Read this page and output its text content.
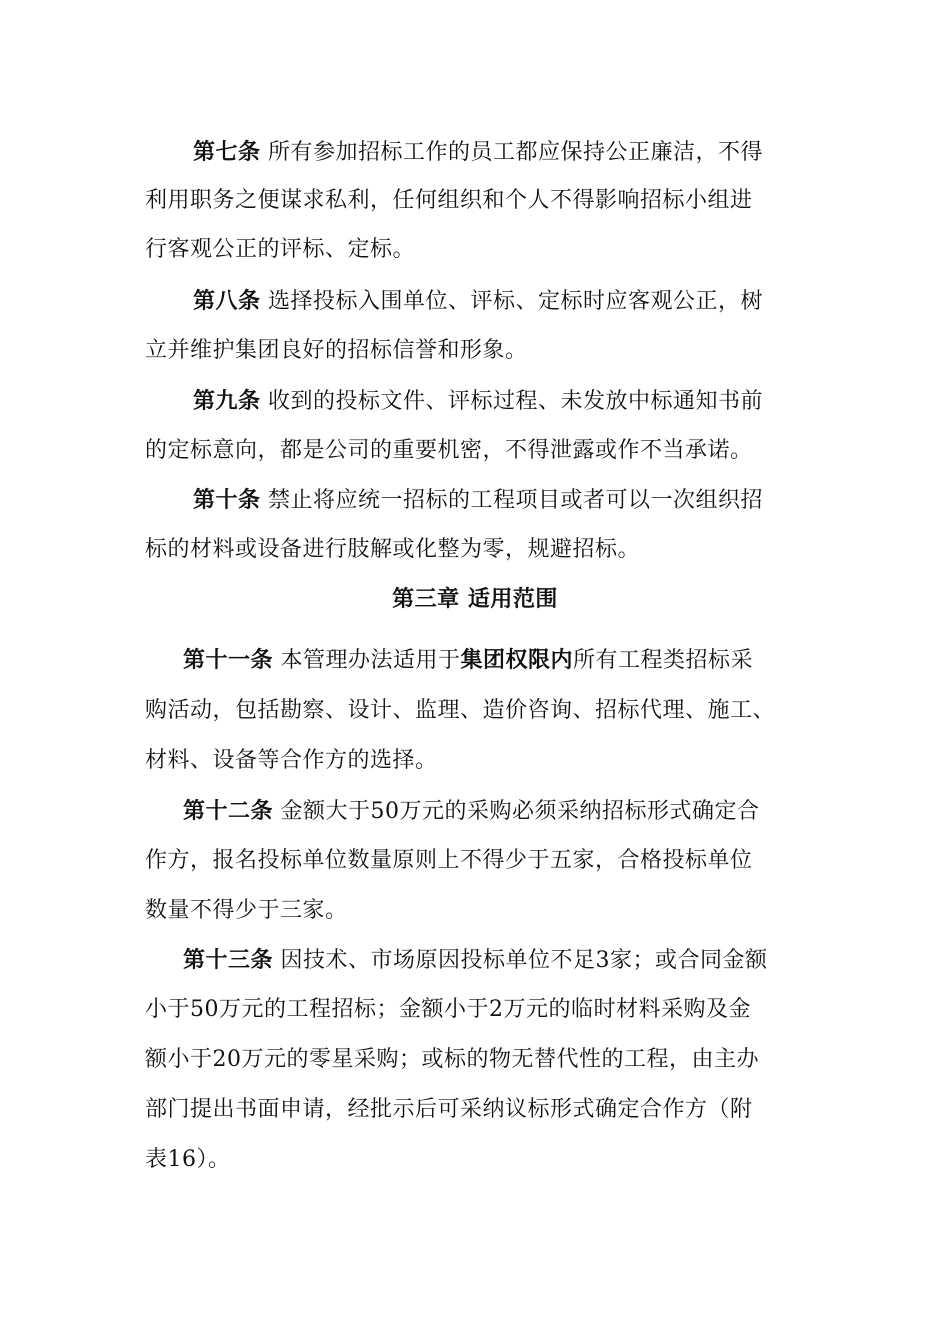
第七条 所有参加招标工作的员工都应保持公正廉洁，不得
利用职务之便谋求私利，任何组织和个人不得影响招标小组进
行客观公正的评标、定标。
第八条 选择投标入围单位、评标、定标时应客观公正，树
立并维护集团良好的招标信誉和形象。
第九条 收到的投标文件、评标过程、未发放中标通知书前
的定标意向，都是公司的重要机密，不得泄露或作不当承诺。
第十条 禁止将应统一招标的工程项目或者可以一次组织招
标的材料或设备进行肢解或化整为零，规避招标。
第三章 适用范围
第十一条 本管理办法适用于集团权限内所有工程类招标采
购活动，包括勘察、设计、监理、造价咨询、招标代理、施工、
材料、设备等合作方的选择。
第十二条 金额大于50万元的采购必须采纳招标形式确定合
作方，报名投标单位数量原则上不得少于五家，合格投标单位
数量不得少于三家。
第十三条 因技术、市场原因投标单位不足3家；或合同金额
小于50万元的工程招标；金额小于2万元的临时材料采购及金
额小于20万元的零星采购；或标的物无替代性的工程，由主办
部门提出书面申请，经批示后可采纳议标形式确定合作方（附
表16）。
